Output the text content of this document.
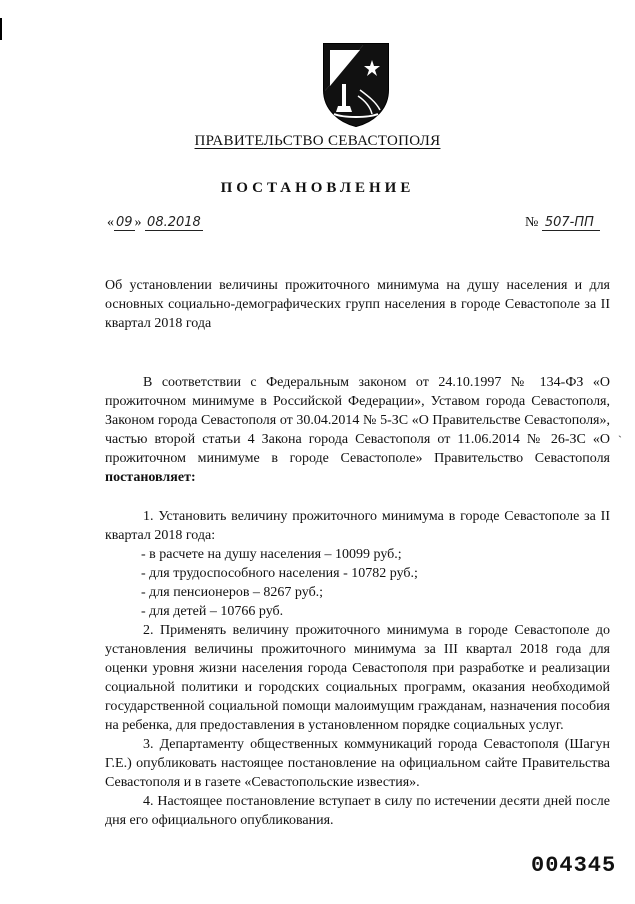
ПРАВИТЕЛЬСТВО СЕВАСТОПОЛЯ
ПОСТАНОВЛЕНИЕ
« 09 » 08.2018	№ 507-ПП
Об установлении величины прожиточного минимума на душу населения и для основных социально-демографических групп населения в городе Севастополе за II квартал 2018 года
В соответствии с Федеральным законом от 24.10.1997 № 134-ФЗ «О прожиточном минимуме в Российской Федерации», Уставом города Севастополя, Законом города Севастополя от 30.04.2014 № 5-ЗС «О Правительстве Севастополя», частью второй статьи 4 Закона города Севастополя от 11.06.2014 № 26-ЗС «О прожиточном минимуме в городе Севастополе» Правительство Севастополя постановляет:
ˏ

1. Установить величину прожиточного минимума в городе Севастополе за II квартал 2018 года:

- в расчете на душу населения – 10099 руб.;

- для трудоспособного населения - 10782 руб.;

- для пенсионеров – 8267 руб.;

- для детей – 10766 руб.

2. Применять величину прожиточного минимума в городе Севастополе до установления величины прожиточного минимума за III квартал 2018 года для оценки уровня жизни населения города Севастополя при разработке и реализации социальной политики и городских социальных программ, оказания необходимой государственной социальной помощи малоимущим гражданам, назначения пособия на ребенка, для предоставления в установленном порядке социальных услуг.

3. Департаменту общественных коммуникаций города Севастополя (Шагун Г.Е.) опубликовать настоящее постановление на официальном сайте Правительства Севастополя и в газете «Севастопольские известия».

4. Настоящее постановление вступает в силу по истечении десяти дней после дня его официального опубликования.

004345
